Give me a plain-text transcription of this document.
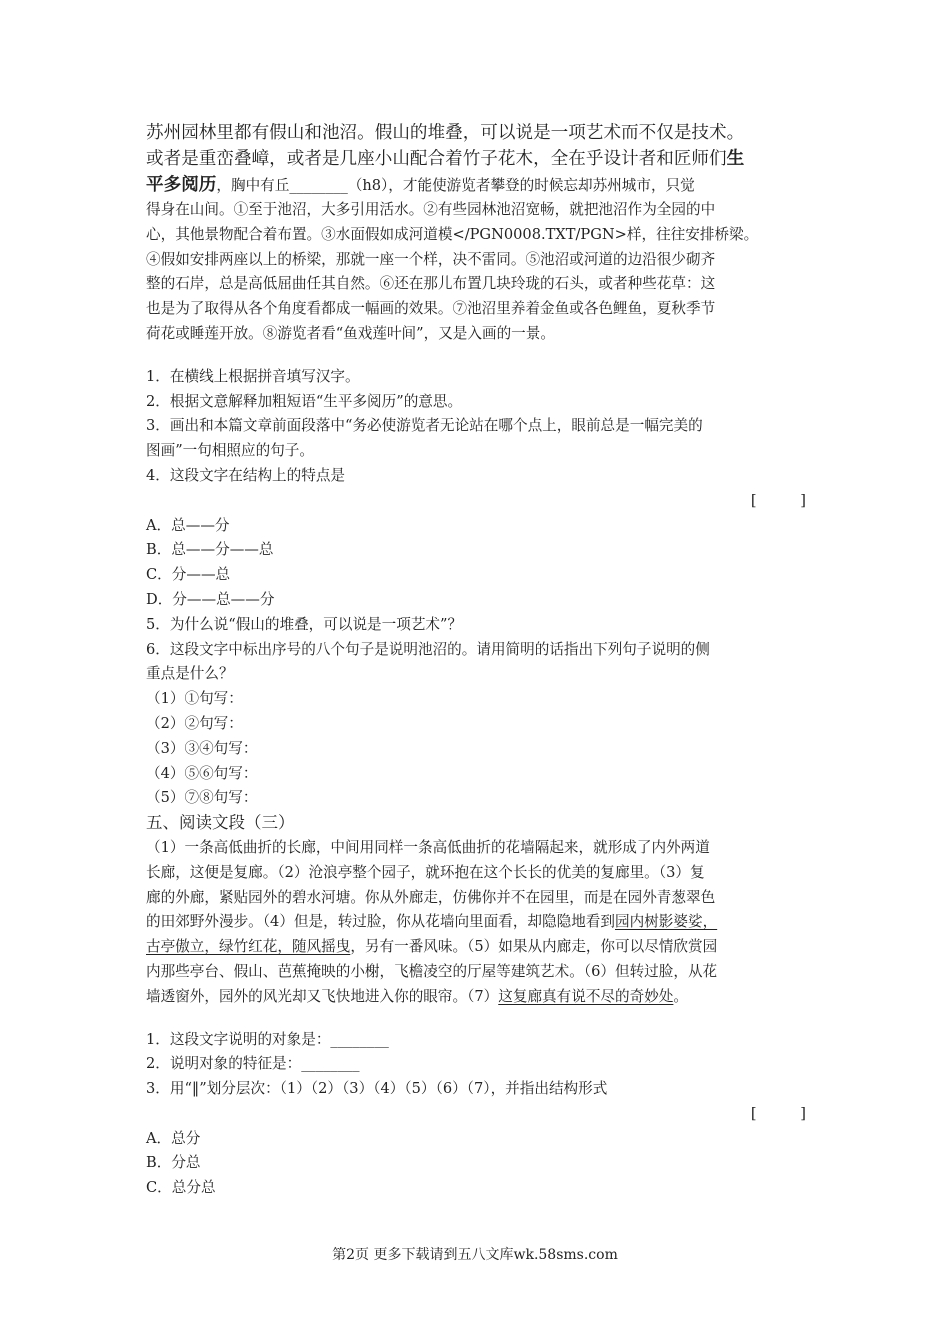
苏州园林里都有假山和池沼。假山的堆叠，可以说是一项艺术而不仅是技术。
或者是重峦叠嶂，或者是几座小山配合着竹子花木，全在乎设计者和匠师们生
平多阅历，胸中有丘________（h8），才能使游览者攀登的时候忘却苏州城市，只觉
得身在山间。①至于池沼，大多引用活水。②有些园林池沼宽畅，就把池沼作为全园的中
心，其他景物配合着布置。③水面假如成河道模</PGN0008.TXT/PGN>样，往往安排桥梁。
④假如安排两座以上的桥梁，那就一座一个样，决不雷同。⑤池沼或河道的边沿很少砌齐
整的石岸，总是高低屈曲任其自然。⑥还在那儿布置几块玲珑的石头，或者种些花草：这
也是为了取得从各个角度看都成一幅画的效果。⑦池沼里养着金鱼或各色鲤鱼，夏秋季节
荷花或睡莲开放。⑧游览者看“鱼戏莲叶间”，又是入画的一景。
1．在横线上根据拼音填写汉字。
2．根据文意解释加粗短语“生平多阅历”的意思。
3．画出和本篇文章前面段落中“务必使游览者无论站在哪个点上，眼前总是一幅完美的
图画”一句相照应的句子。
4．这段文字在结构上的特点是
[　　　]
A．总——分
B．总——分——总
C．分——总
D．分——总——分
5．为什么说“假山的堆叠，可以说是一项艺术”？
6．这段文字中标出序号的八个句子是说明池沼的。请用简明的话指出下列句子说明的侧
重点是什么？
（1）①句写：
（2）②句写：
（3）③④句写：
（4）⑤⑥句写：
（5）⑦⑧句写：
五、阅读文段（三）
（1）一条高低曲折的长廊，中间用同样一条高低曲折的花墙隔起来，就形成了内外两道
长廊，这便是复廊。（2）沧浪亭整个园子，就环抱在这个长长的优美的复廊里。（3）复
廊的外廊，紧贴园外的碧水河塘。你从外廊走，仿佛你并不在园里，而是在园外青葱翠色
的田郊野外漫步。（4）但是，转过脸，你从花墙向里面看，却隐隐地看到园内树影婆娑，
古亭傲立，绿竹红花，随风摇曳，另有一番风味。（5）如果从内廊走，你可以尽情欣赏园
内那些亭台、假山、芭蕉掩映的小榭，飞檐凌空的厅屋等建筑艺术。（6）但转过脸，从花
墙透窗外，园外的风光却又飞快地进入你的眼帘。（7）这复廊真有说不尽的奇妙处。
1．这段文字说明的对象是：________
2．说明对象的特征是：________
3．用“‖”划分层次：（1）（2）（3）（4）（5）（6）（7），并指出结构形式
[　　　]
A．总分
B．分总
C．总分总
第2页 更多下载请到五八文库wk.58sms.com
